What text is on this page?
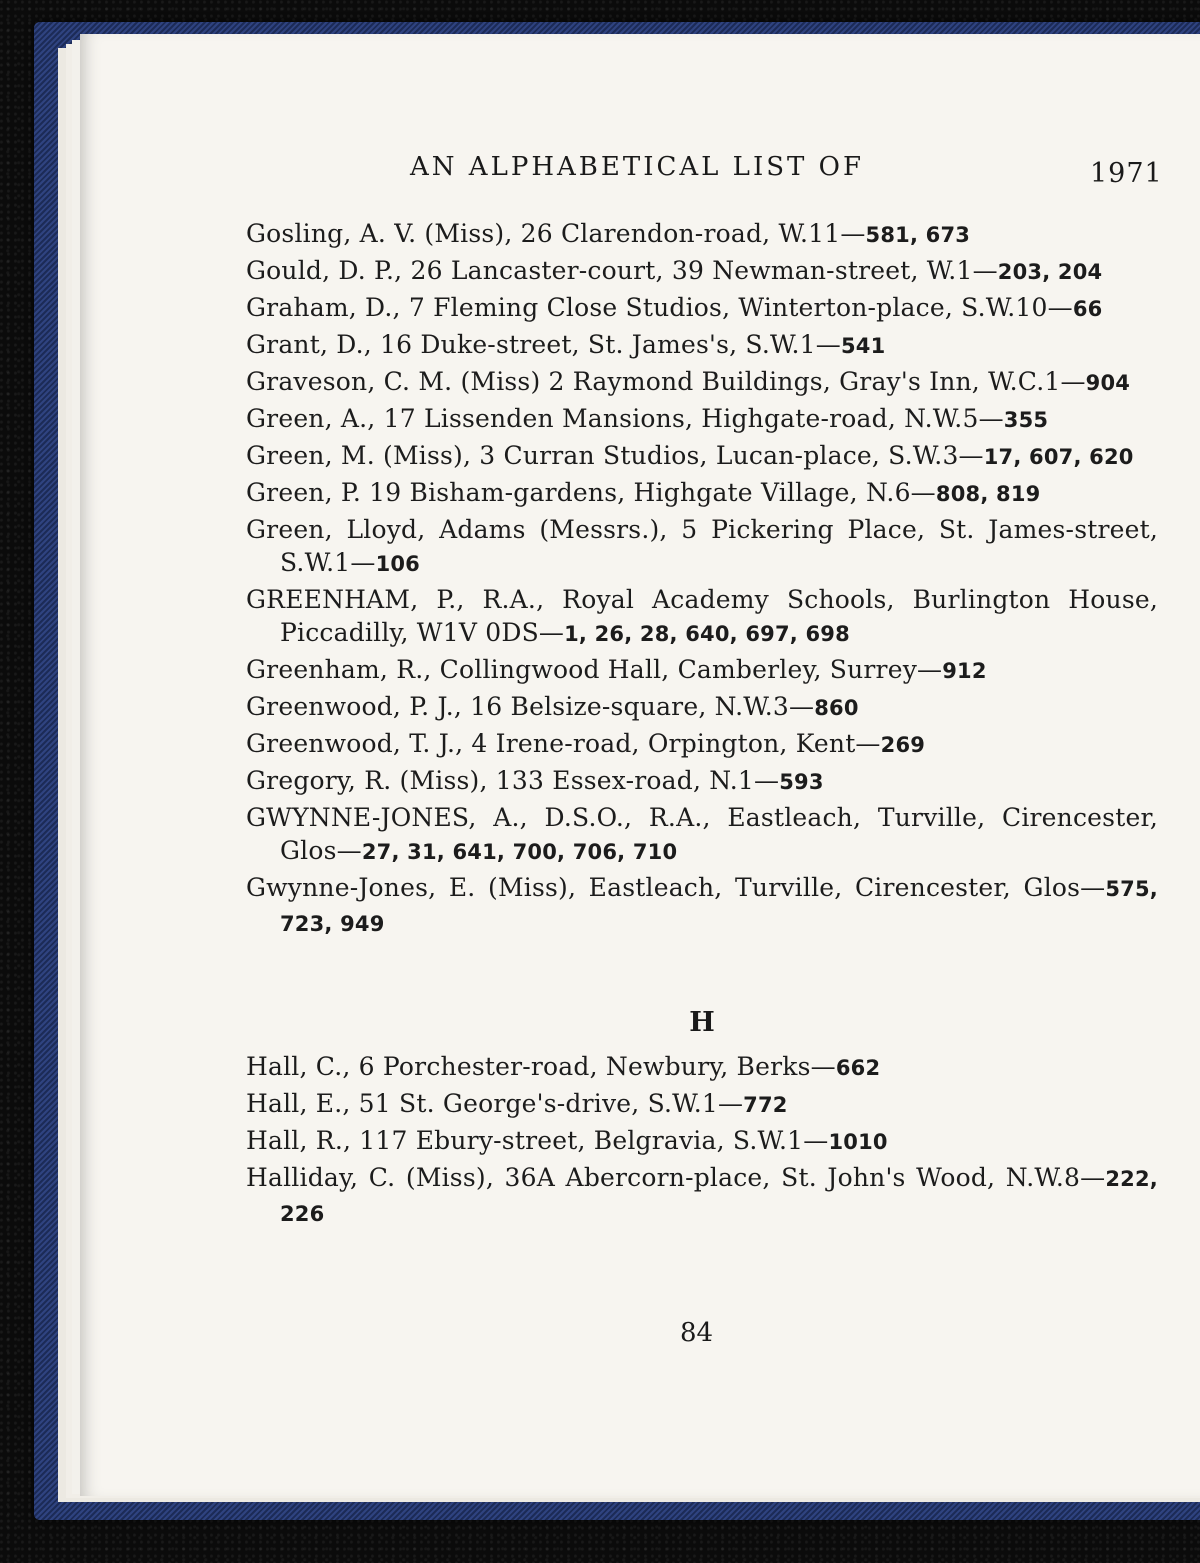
AN ALPHABETICAL LIST OF	1971

Gosling, A. V. (Miss), 26 Clarendon-road, W.11—581, 673

Gould, D. P., 26 Lancaster-court, 39 Newman-street, W.1—203, 204

Graham, D., 7 Fleming Close Studios, Winterton-place, S.W.10—66

Grant, D., 16 Duke-street, St. James's, S.W.1—541

Graveson, C. M. (Miss) 2 Raymond Buildings, Gray's Inn, W.C.1—904

Green, A., 17 Lissenden Mansions, Highgate-road, N.W.5—355

Green, M. (Miss), 3 Curran Studios, Lucan-place, S.W.3—17, 607, 620

Green, P. 19 Bisham-gardens, Highgate Village, N.6—808, 819

Green, Lloyd, Adams (Messrs.), 5 Pickering Place, St. James-street, S.W.1—106

GREENHAM, P., R.A., Royal Academy Schools, Burlington House, Piccadilly, W1V 0DS—1, 26, 28, 640, 697, 698

Greenham, R., Collingwood Hall, Camberley, Surrey—912

Greenwood, P. J., 16 Belsize-square, N.W.3—860

Greenwood, T. J., 4 Irene-road, Orpington, Kent—269

Gregory, R. (Miss), 133 Essex-road, N.1—593

GWYNNE-JONES, A., D.S.O., R.A., Eastleach, Turville, Cirencester, Glos—27, 31, 641, 700, 706, 710

Gwynne-Jones, E. (Miss), Eastleach, Turville, Cirencester, Glos—575, 723, 949

H

Hall, C., 6 Porchester-road, Newbury, Berks—662

Hall, E., 51 St. George's-drive, S.W.1—772

Hall, R., 117 Ebury-street, Belgravia, S.W.1—1010

Halliday, C. (Miss), 36A Abercorn-place, St. John's Wood, N.W.8—222, 226

84
